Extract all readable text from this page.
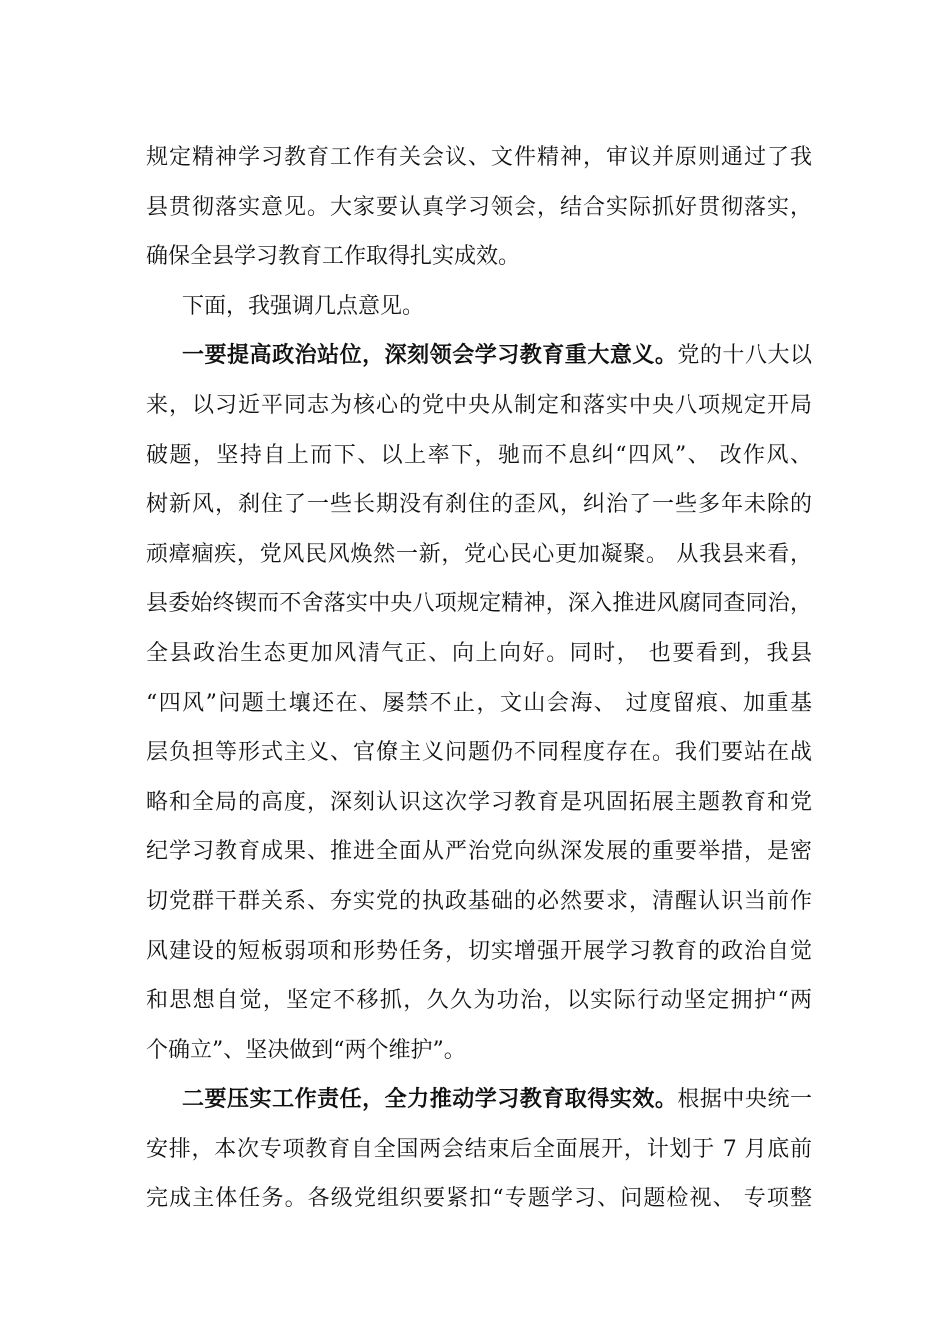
规定精神学习教育工作有关会议、文件精神，审议并原则通过了我
县贯彻落实意见。大家要认真学习领会，结合实际抓好贯彻落实，
确保全县学习教育工作取得扎实成效。
下面，我强调几点意见。
一要提高政治站位，深刻领会学习教育重大意义。党的十八大以
来，以习近平同志为核心的党中央从制定和落实中央八项规定开局
破题，坚持自上而下、以上率下，驰而不息纠“四风”、 改作风、
树新风，刹住了一些长期没有刹住的歪风，纠治了一些多年未除的
顽瘴痼疾，党风民风焕然一新，党心民心更加凝聚。 从我县来看，
县委始终锲而不舍落实中央八项规定精神，深入推进风腐同查同治，
全县政治生态更加风清气正、向上向好。同时， 也要看到，我县
“四风”问题土壤还在、屡禁不止，文山会海、 过度留痕、加重基
层负担等形式主义、官僚主义问题仍不同程度存在。我们要站在战
略和全局的高度，深刻认识这次学习教育是巩固拓展主题教育和党
纪学习教育成果、推进全面从严治党向纵深发展的重要举措，是密
切党群干群关系、夯实党的执政基础的必然要求，清醒认识当前作
风建设的短板弱项和形势任务，切实增强开展学习教育的政治自觉
和思想自觉，坚定不移抓，久久为功治，以实际行动坚定拥护“两
个确立”、坚决做到“两个维护”。
二要压实工作责任，全力推动学习教育取得实效。根据中央统一
安排，本次专项教育自全国两会结束后全面展开，计划于 7 月底前
完成主体任务。各级党组织要紧扣“专题学习、问题检视、 专项整
